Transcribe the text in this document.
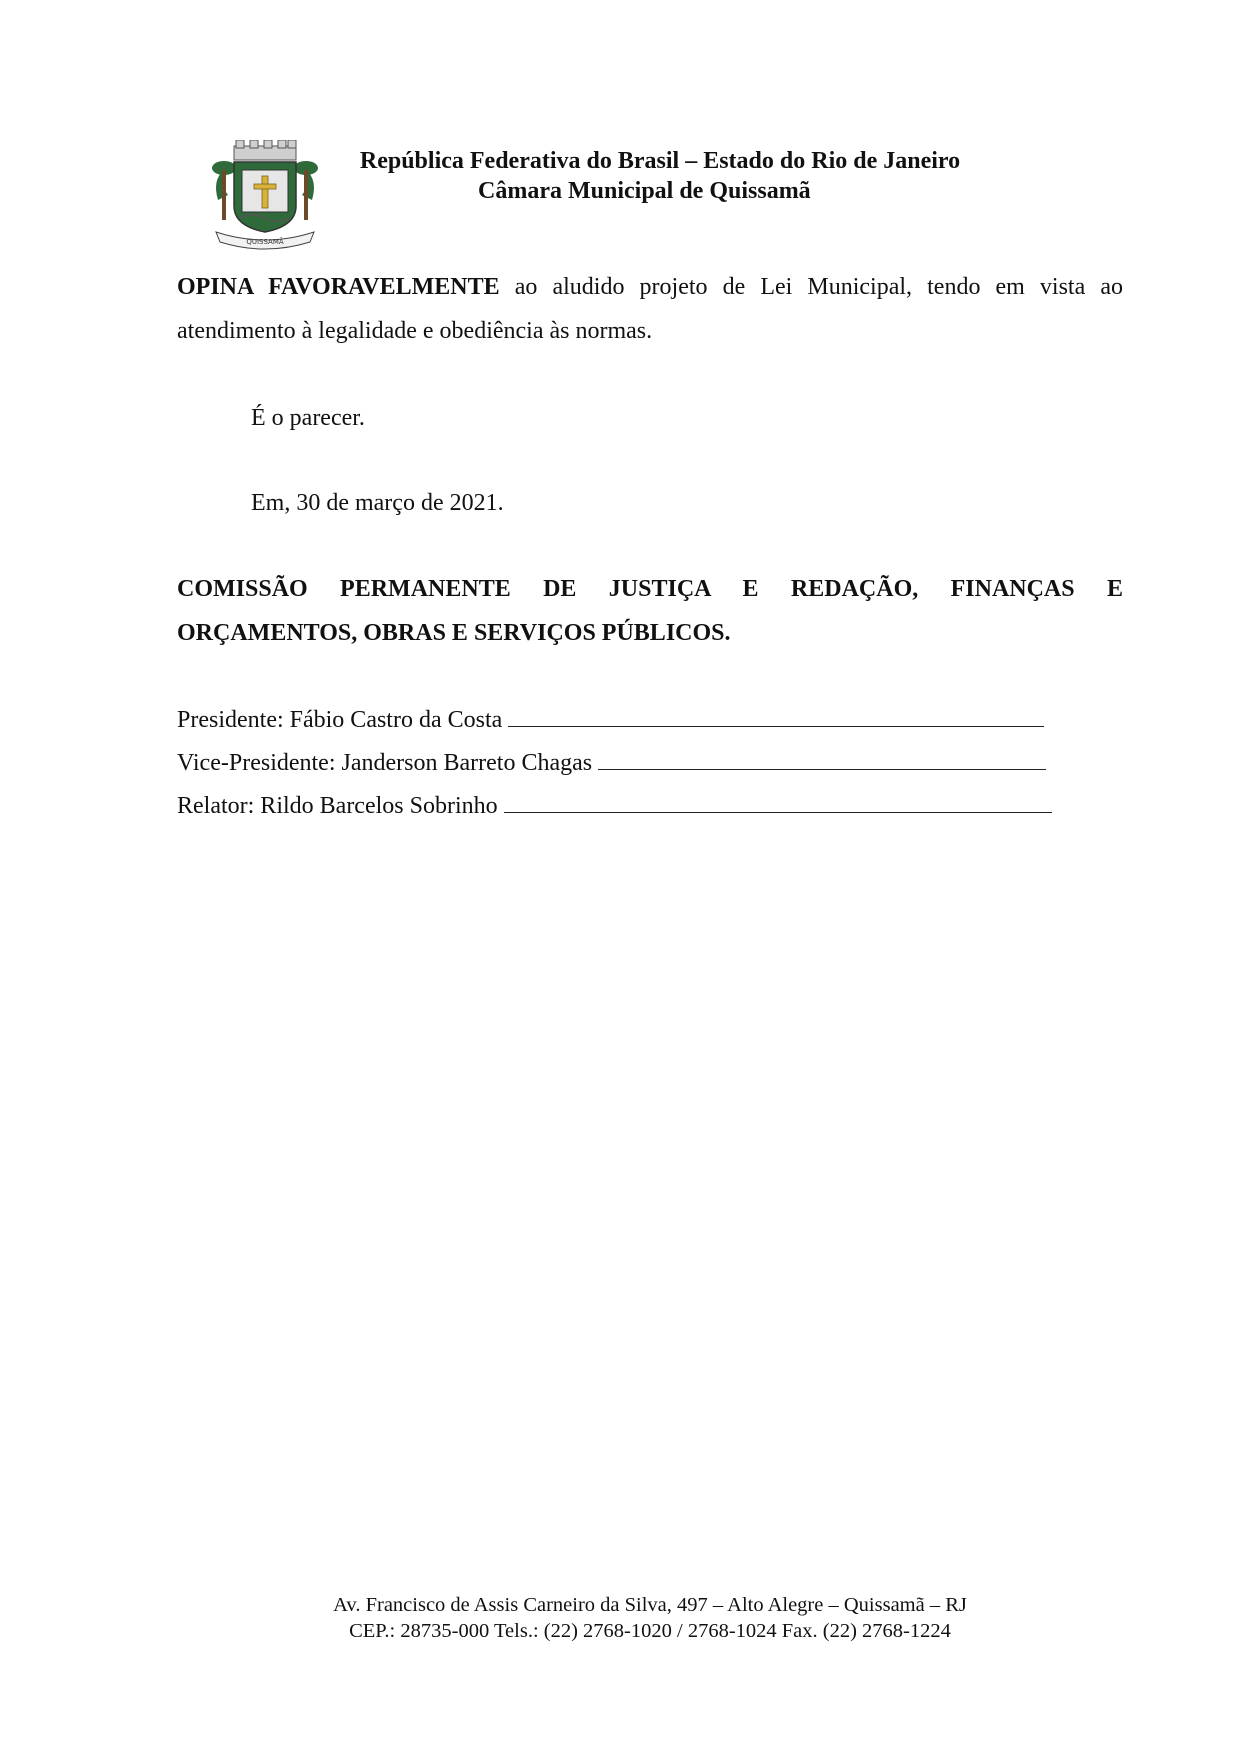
QUISSAMÃ
República Federativa do Brasil – Estado do Rio de Janeiro
Câmara Municipal de Quissamã

OPINA FAVORAVELMENTE ao aludido projeto de Lei Municipal, tendo em vista ao atendimento à legalidade e obediência às normas.

É o parecer.
Em, 30 de março de 2021.

COMISSÃO PERMANENTE DE JUSTIÇA E REDAÇÃO, FINANÇAS E ORÇAMENTOS, OBRAS E SERVIÇOS PÚBLICOS.

Presidente: Fábio Castro da Costa
Vice-Presidente: Janderson Barreto Chagas
Relator: Rildo Barcelos Sobrinho
Av. Francisco de Assis Carneiro da Silva, 497 – Alto Alegre – Quissamã – RJ
CEP.: 28735-000 Tels.: (22) 2768-1020 / 2768-1024 Fax. (22) 2768-1224
